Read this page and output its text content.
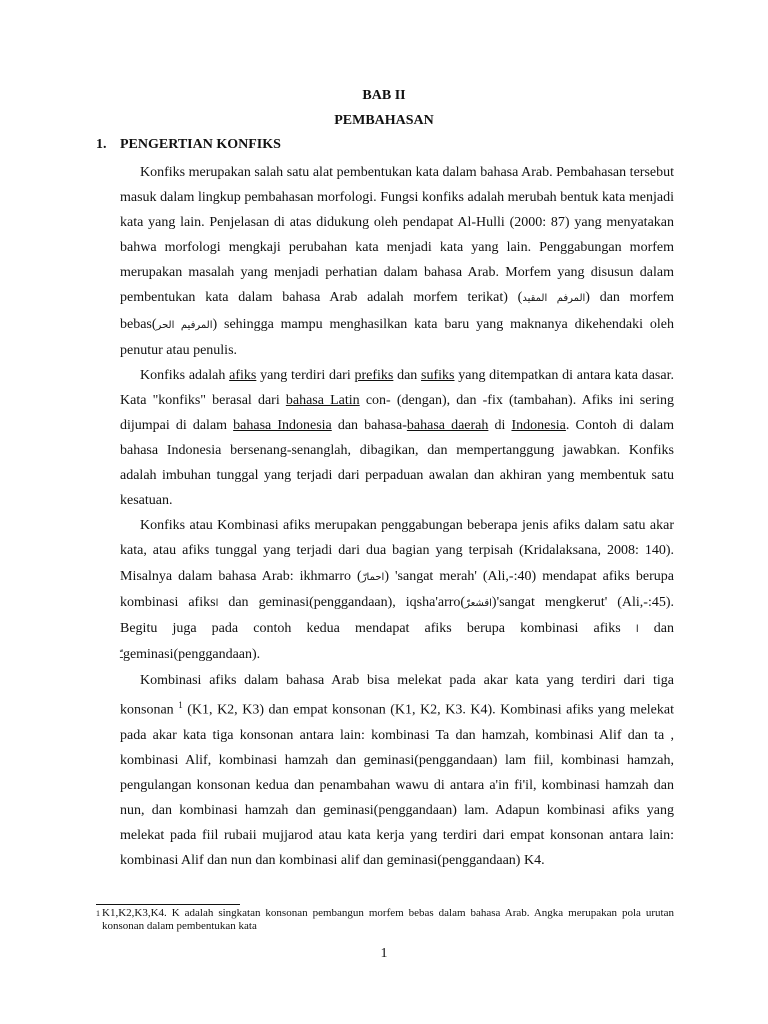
BAB II
PEMBAHASAN
1. PENGERTIAN KONFIKS

Konfiks merupakan salah satu alat pembentukan kata dalam bahasa Arab. Pembahasan tersebut masuk dalam lingkup pembahasan morfologi. Fungsi konfiks adalah merubah bentuk kata menjadi kata yang lain. Penjelasan di atas didukung oleh pendapat Al-Hulli (2000: 87) yang menyatakan bahwa morfologi mengkaji perubahan kata menjadi kata yang lain. Penggabungan morfem merupakan masalah yang menjadi perhatian dalam bahasa Arab. Morfem yang disusun dalam pembentukan kata dalam bahasa Arab adalah morfem terikat) (المرفم المقيد) dan morfem bebas(المرفيم الحر) sehingga mampu menghasilkan kata baru yang maknanya dikehendaki oleh penutur atau penulis.

Konfiks adalah afiks yang terdiri dari prefiks dan sufiks yang ditempatkan di antara kata dasar. Kata "konfiks" berasal dari bahasa Latin con- (dengan), dan -fix (tambahan). Afiks ini sering dijumpai di dalam bahasa Indonesia dan bahasa-bahasa daerah di Indonesia. Contoh di dalam bahasa Indonesia bersenang-senanglah, dibagikan, dan mempertanggung jawabkan. Konfiks adalah imbuhan tunggal yang terjadi dari perpaduan awalan dan akhiran yang membentuk satu kesatuan.

Konfiks atau Kombinasi afiks merupakan penggabungan beberapa jenis afiks dalam satu akar kata, atau afiks tunggal yang terjadi dari dua bagian yang terpisah (Kridalaksana, 2008: 140). Misalnya dalam bahasa Arab: ikhmarro (احمارّ) 'sangat merah' (Ali,-:40) mendapat afiks berupa kombinasi afiksا dan geminasi(penggandaan), iqsha'arro(اقشعرّ)'sangat mengkerut' (Ali,-:45). Begitu juga pada contoh kedua mendapat afiks berupa kombinasi afiks ا dan ـّgeminasi(penggandaan).

Kombinasi afiks dalam bahasa Arab bisa melekat pada akar kata yang terdiri dari tiga konsonan $^1$ (K1, K2, K3) dan empat konsonan (K1, K2, K3. K4). Kombinasi afiks yang melekat pada akar kata tiga konsonan antara lain: kombinasi Ta dan hamzah, kombinasi Alif dan ta , kombinasi Alif, kombinasi hamzah dan geminasi(penggandaan) lam fiil, kombinasi hamzah, pengulangan konsonan kedua dan penambahan wawu di antara a'in fi'il, kombinasi hamzah dan nun, dan kombinasi hamzah dan geminasi(penggandaan) lam. Adapun kombinasi afiks yang melekat pada fiil rubaii mujjarod atau kata kerja yang terdiri dari empat konsonan antara lain: kombinasi Alif dan nun dan kombinasi alif dan geminasi(penggandaan) K4.

1 K1,K2,K3,K4. K adalah singkatan konsonan pembangun morfem bebas dalam bahasa Arab. Angka merupakan pola urutan konsonan dalam pembentukan kata
1
